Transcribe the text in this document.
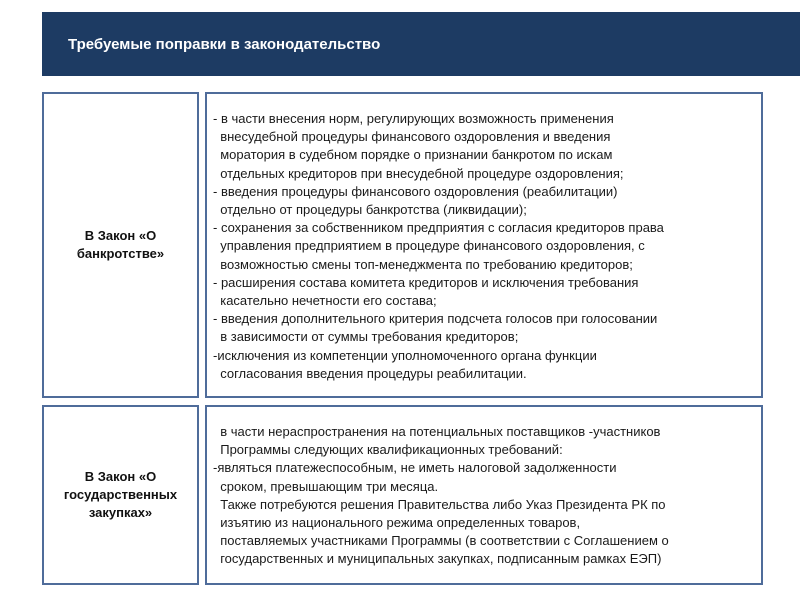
Требуемые поправки в законодательство
В Закон «О
банкротстве»
- в части внесения норм, регулирующих возможность применения
внесудебной процедуры финансового оздоровления и введения
моратория в судебном порядке о признании банкротом по искам
отдельных кредиторов при внесудебной процедуре оздоровления;
- введения процедуры финансового оздоровления (реабилитации)
отдельно от процедуры банкротства (ликвидации);
- сохранения за собственником предприятия с согласия кредиторов права
управления предприятием в процедуре финансового оздоровления, с
возможностью смены топ-менеджмента по требованию кредиторов;
- расширения состава комитета кредиторов и исключения требования
касательно нечетности его состава;
- введения дополнительного критерия подсчета голосов при голосовании
в зависимости от суммы требования кредиторов;
-исключения из компетенции уполномоченного органа функции
согласования введения процедуры реабилитации.
В Закон «О
государственных
закупках»
в части нераспространения на потенциальных поставщиков -участников
Программы следующих квалификационных требований:
-являться платежеспособным, не иметь налоговой задолженности
сроком, превышающим три месяца.
Также потребуются решения Правительства либо Указ Президента РК по
изъятию из национального режима определенных товаров,
поставляемых участниками Программы (в соответствии с Соглашением о
государственных и муниципальных закупках, подписанным рамках ЕЭП)
